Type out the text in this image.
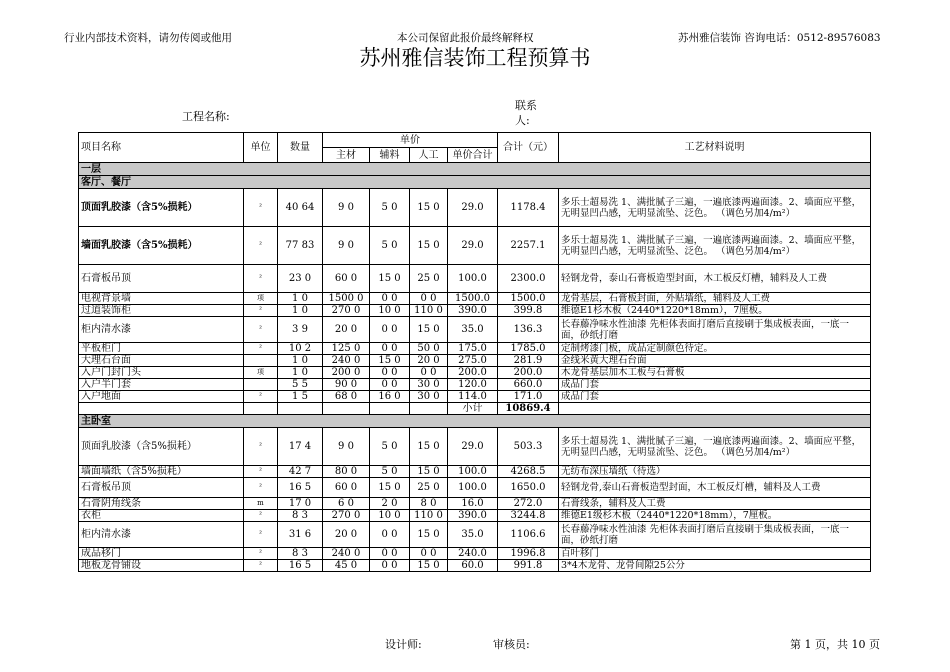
行业内部技术资料，请勿传阅或他用	本公司保留此报价最终解释权	苏州雅信装饰 咨询电话：0512-89576083
苏州雅信装饰工程预算书
工程名称:
联系
人:
项目名称	单位	数量	单价				合计（元）	工艺材料说明
			主材	辅料	人工	单价合计		
一层								
客厅、餐厅								
顶面乳胶漆（含5%损耗）	²	40 64	9 0	5 0	15 0	29.0	1178.4	多乐士超易洗 1、满批腻子三遍，一遍底漆两遍面漆。2、墙面应平整，无明显凹凸感，无明显流坠、泛色。 （调色另加4/m²）
墙面乳胶漆（含5%损耗）	²	77 83	9 0	5 0	15 0	29.0	2257.1	多乐士超易洗 1、满批腻子三遍，一遍底漆两遍面漆。2、墙面应平整，无明显凹凸感，无明显流坠、泛色。 （调色另加4/m²）
石膏板吊顶	²	23 0	60 0	15 0	25 0	100.0	2300.0	轻钢龙骨，泰山石膏板造型封面，木工板反灯槽，辅料及人工费
电视背景墙	项	1 0	1500 0	0 0	0 0	1500.0	1500.0	龙骨基层，石膏板封面，外贴墙纸，辅料及人工费
过道装饰柜	²	1 0	270 0	10 0	110 0	390.0	399.8	维德E1杉木板（2440*1220*18mm），7厘板。
柜内清水漆	²	3 9	20 0	0 0	15 0	35.0	136.3	长春藤净味水性油漆 先柜体表面打磨后直接刷于集成板表面，一底一面，砂纸打磨
平板柜门	²	10 2	125 0	0 0	50 0	175.0	1785.0	定制烤漆门板，成品定制颜色待定。
大理石台面		1 0	240 0	15 0	20 0	275.0	281.9	金线米黄大理石台面
入户门封门头	项	1 0	200 0	0 0	0 0	200.0	200.0	木龙骨基层加木工板与石膏板
入户半门套		5 5	90 0	0 0	30 0	120.0	660.0	成品门套
入户地面	²	1 5	68 0	16 0	30 0	114.0	171.0	成品门套
						小计	10869.4	
主卧室								
顶面乳胶漆（含5%损耗）	²	17 4	9 0	5 0	15 0	29.0	503.3	多乐士超易洗 1、满批腻子三遍，一遍底漆两遍面漆。2、墙面应平整，无明显凹凸感，无明显流坠、泛色。 （调色另加4/m²）
墙面墙纸（含5%损耗）	²	42 7	80 0	5 0	15 0	100.0	4268.5	无纺布深压墙纸（待选）
石膏板吊顶	²	16 5	60 0	15 0	25 0	100.0	1650.0	轻钢龙骨,泰山石膏板造型封面，木工板反灯槽，辅料及人工费
石膏阴角线条	m	17 0	6 0	2 0	8 0	16.0	272.0	石膏线条，辅料及人工费
衣柜	²	8 3	270 0	10 0	110 0	390.0	3244.8	维德E1级杉木板（2440*1220*18mm），7厘板。
柜内清水漆	²	31 6	20 0	0 0	15 0	35.0	1106.6	长春藤净味水性油漆 先柜体表面打磨后直接刷于集成板表面，一底一面，砂纸打磨
成品移门	²	8 3	240 0	0 0	0 0	240.0	1996.8	百叶移门
地板龙骨铺设	²	16 5	45 0	0 0	15 0	60.0	991.8	3*4木龙骨、龙骨间隙25公分
设计师:	审核员:	第 1 页，共 10 页
